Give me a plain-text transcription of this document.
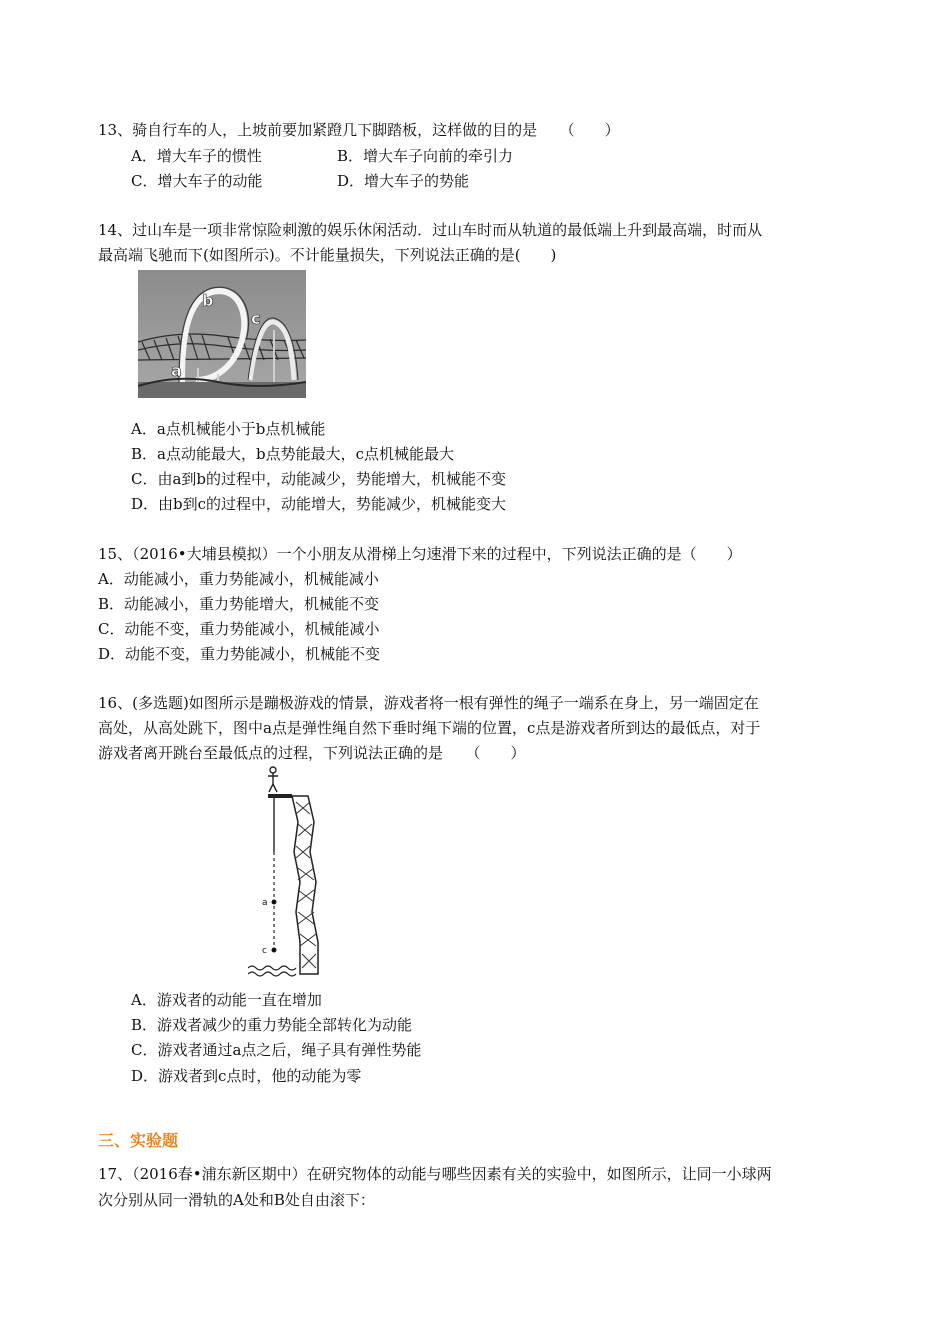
13、骑自行车的人，上坡前要加紧蹬几下脚踏板，这样做的目的是　　（　　）
A．增大车子的惯性	B．增大车子向前的牵引力
C．增大车子的动能	D．增大车子的势能
14、过山车是一项非常惊险刺激的娱乐休闲活动．过山车时而从轨道的最低端上升到最高端，时而从
最高端飞驰而下(如图所示)。不计能量损失，下列说法正确的是(　　)
b
c
a
A．a点机械能小于b点机械能
B．a点动能最大，b点势能最大，c点机械能最大
C．由a到b的过程中，动能减少，势能增大，机械能不变
D．由b到c的过程中，动能增大，势能减少，机械能变大
15、（2016•大埔县模拟）一个小朋友从滑梯上匀速滑下来的过程中，下列说法正确的是（　　）
A．动能减小，重力势能减小，机械能减小
B．动能减小，重力势能增大，机械能不变
C．动能不变，重力势能减小，机械能减小
D．动能不变，重力势能减小，机械能不变
16、(多选题)如图所示是蹦极游戏的情景，游戏者将一根有弹性的绳子一端系在身上，另一端固定在
高处，从高处跳下，图中a点是弹性绳自然下垂时绳下端的位置，c点是游戏者所到达的最低点，对于
游戏者离开跳台至最低点的过程，下列说法正确的是　　（　　）
a
c
A．游戏者的动能一直在增加
B．游戏者减少的重力势能全部转化为动能
C．游戏者通过a点之后，绳子具有弹性势能
D．游戏者到c点时，他的动能为零
三、实验题
17、（2016春•浦东新区期中）在研究物体的动能与哪些因素有关的实验中，如图所示，让同一小球两
次分别从同一滑轨的A处和B处自由滚下：
